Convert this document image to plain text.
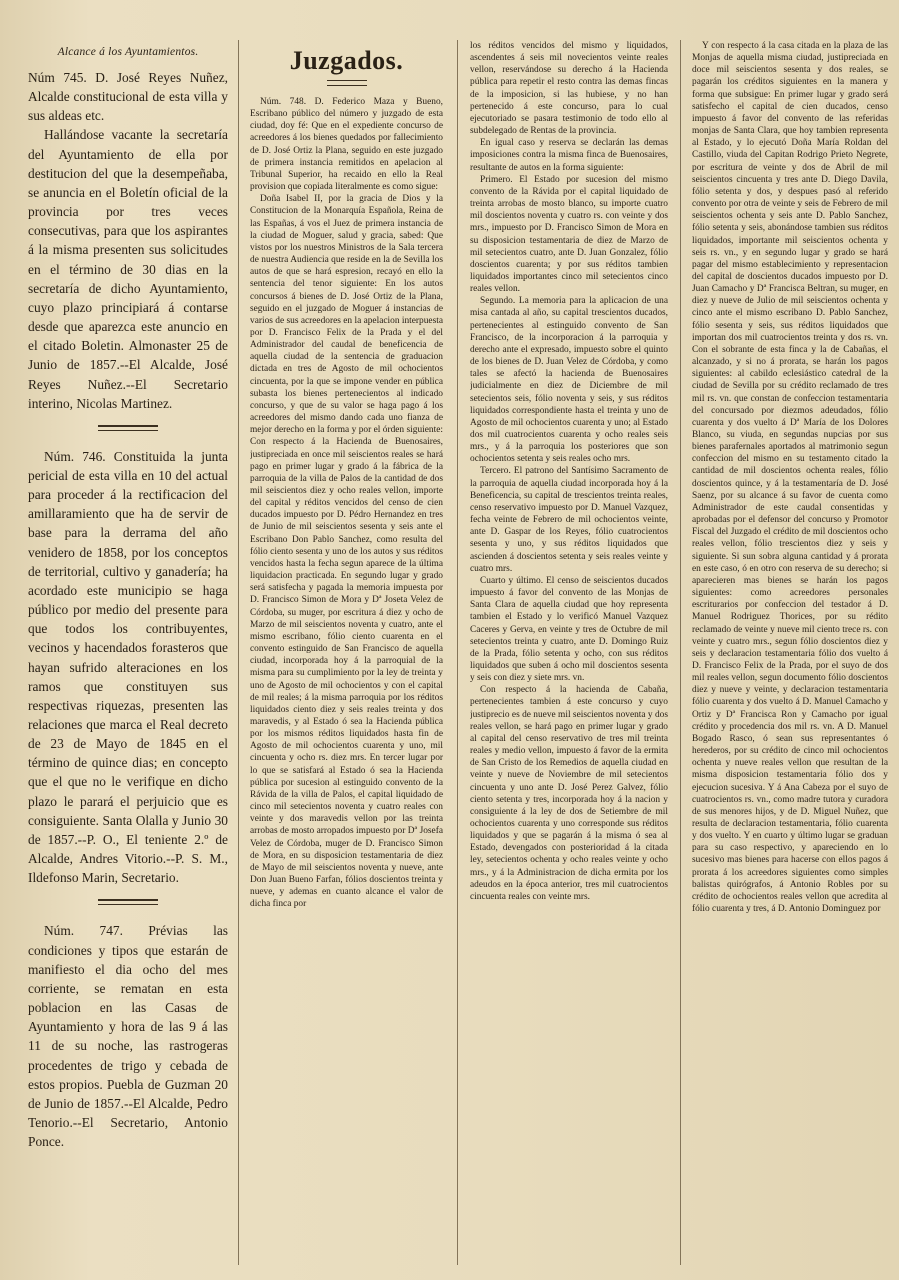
Alcance á los Ayuntamientos.

Núm 745. D. José Reyes Nuñez, Alcalde constitucional de esta villa y sus aldeas etc.

Hallándose vacante la secretaría del Ayuntamiento de ella por destitucion del que la desempeñaba, se anuncia en el Boletín oficial de la provincia por tres veces consecutivas, para que los aspirantes á la misma presenten sus solicitudes en el término de 30 dias en la secretaría de dicho Ayuntamiento, cuyo plazo principiará á contarse desde que aparezca este anuncio en el citado Boletin. Almonaster 25 de Junio de 1857.--El Alcalde, José Reyes Nuñez.--El Secretario interino, Nicolas Martinez.

Núm. 746. Constituida la junta pericial de esta villa en 10 del actual para proceder á la rectificacion del amillaramiento que ha de servir de base para la derrama del año venidero de 1858, por los conceptos de territorial, cultivo y ganadería; ha acordado este municipio se haga público por medio del presente para que todos los contribuyentes, vecinos y hacendados forasteros que hayan sufrido alteraciones en los ramos que constituyen sus respectivas riquezas, presenten las relaciones que marca el Real decreto de 23 de Mayo de 1845 en el término de quince dias; en concepto que el que no le verifique en dicho plazo le parará el perjuicio que es consiguiente. Santa Olalla y Junio 30 de 1857.--P. O., El teniente 2.º de Alcalde, Andres Vitorio.--P. S. M., Ildefonso Marin, Secretario.

Núm. 747. Prévias las condiciones y tipos que estarán de manifiesto el dia ocho del mes corriente, se rematan en esta poblacion en las Casas de Ayuntamiento y hora de las 9 á las 11 de su noche, las rastrogeras procedentes de trigo y cebada de estos propios. Puebla de Guzman 20 de Junio de 1857.--El Alcalde, Pedro Tenorio.--El Secretario, Antonio Ponce.

Juzgados.

Núm. 748. D. Federico Maza y Bueno, Escribano público del número y juzgado de esta ciudad, doy fé: Que en el expediente concurso de acreedores á los bienes quedados por fallecimiento de D. José Ortiz la Plana, seguido en este juzgado de primera instancia remitidos en apelacion al Tribunal Superior, ha recaido en ello la Real provision que copiada literalmente es como sigue:

Doña Isabel II, por la gracia de Dios y la Constitucion de la Monarquía Española, Reina de las Españas, á vos el Juez de primera instancia de la ciudad de Moguer, salud y gracia, sabed: Que vistos por los nuestros Ministros de la Sala tercera de nuestra Audiencia que reside en la de Sevilla los autos de que se hará espresion, recayó en ello la sentencia del tenor siguiente: En los autos concursos á bienes de D. José Ortiz de la Plana, seguido en el juzgado de Moguer á instancias de varios de sus acreedores en la apelacion interpuesta por D. Francisco Felix de la Prada y el del Administrador del caudal de beneficencia de aquella ciudad de la sentencia de graduacion dictada en tres de Agosto de mil ochocientos cincuenta, por la que se impone vender en pública subasta los bienes pertenecientos al indicado concurso, y que de su valor se haga pago á los acreedores del mismo dando cada uno fianza de mejor derecho en la forma y por el órden siguiente: Con respecto á la Hacienda de Buenosaires, justipreciada en once mil seiscientos reales se hará pago en primer lugar y grado á la fábrica de la parroquia de la villa de Palos de la cantidad de dos mil seiscientos diez y ocho reales vellon, importe del capital y réditos vencidos del censo de cien ducados impuesto por D. Pédro Hernandez en tres de Junio de mil seiscientos sesenta y seis ante el Escribano Don Pablo Sanchez, como resulta del fólio ciento sesenta y uno de los autos y sus réditos vencidos hasta la fecha segun aparece de la última liquidacion practicada. En segundo lugar y grado será satisfecha y pagada la memoria impuesta por D. Francisco Simon de Mora y Dª Joseta Velez de Córdoba, su muger, por escritura á diez y ocho de Marzo de mil seiscientos noventa y cuatro, ante el mismo escribano, fólio ciento cuarenta en el convento estinguido de San Francisco de aquella ciudad, incorporada hoy á la parroquial de la misma para su cumplimiento por la ley de treinta y uno de Agosto de mil ochocientos y con el capital de mil reales; á la misma parroquia por los réditos liquidados ciento diez y seis reales treinta y dos maravedis, y al Estado ó sea la Hacienda pública por los mismos réditos liquidados hasta fin de Agosto de mil ochocientos cuarenta y uno, mil cincuenta y ocho rs. diez mrs. En tercer lugar por lo que se satisfará al Estado ó sea la Hacienda pública por sucesion al estinguido convento de la Rávida de la villa de Palos, el capital liquidado de cinco mil setecientos noventa y cuatro reales con veinte y dos maravedis vellon por las treinta arrobas de mosto arropados impuesto por Dª Josefa Velez de Córdoba, muger de D. Francisco Simon de Mora, en su disposicion testamentaria de diez de Mayo de mil seiscientos noventa y nueve, ante Don Juan Bueno Farfan, fólios doscientos treinta y nueve, y ademas en cuanto alcance el valor de dicha finca por

los réditos vencidos del mismo y liquidados, ascendentes á seis mil novecientos veinte reales vellon, reservándose su derecho á la Hacienda pública para repetir el resto contra las demas fincas de la imposicion, si las hubiese, y no han pertenecido á este concurso, para lo cual ejecutoriado se pasara testimonio de todo ello al subdelegado de Rentas de la provincia.

En igual caso y reserva se declarán las demas imposiciones contra la misma finca de Buenosaires, resultante de autos en la forma siguiente:

Primero. El Estado por sucesion del mismo convento de la Rávida por el capital liquidado de treinta arrobas de mosto blanco, su importe cuatro mil doscientos noventa y cuatro rs. con veinte y dos mrs., impuesto por D. Francisco Simon de Mora en su disposicion testamentaria de diez de Marzo de mil setecientos cuatro, ante D. Juan Gonzalez, fólio doscientos cuarenta; y por sus réditos tambien liquidados importantes cinco mil setecientos cinco reales vellon.

Segundo. La memoria para la aplicacion de una misa cantada al año, su capital trescientos ducados, pertenecientes al estinguido convento de San Francisco, de la incorporacion á la parroquia y derecho ante el expresado, impuesto sobre el quinto de los bienes de D. Juan Velez de Córdoba, y como tales se afectó la hacienda de Buenosaires judicialmente en diez de Diciembre de mil setecientos seis, fólio noventa y seis, y sus réditos liquidados correspondiente hasta el treinta y uno de Agosto de mil ochocientos cuarenta y uno; al Estado dos mil cuatrocientos cuarenta y ocho reales seis mrs., y á la parroquia los posteriores que son ochocientos setenta y seis reales ocho mrs.

Tercero. El patrono del Santísimo Sacramento de la parroquia de aquella ciudad incorporada hoy á la Beneficencia, su capital de trescientos treinta reales, censo reservativo impuesto por D. Manuel Vazquez, fecha veinte de Febrero de mil ochocientos veinte, ante D. Gaspar de los Reyes, fólio cuatrocientos sesenta y uno, y sus réditos liquidados que ascienden á doscientos setenta y seis reales veinte y cuatro mrs.

Cuarto y último. El censo de seiscientos ducados impuesto á favor del convento de las Monjas de Santa Clara de aquella ciudad que hoy representa tambien el Estado y lo verificó Manuel Vazquez Caceres y Gerva, en veinte y tres de Octubre de mil setecientos treinta y cuatro, ante D. Domingo Ruiz de la Prada, fólio setenta y ocho, con sus réditos liquidados que suben á ocho mil doscientos sesenta y seis con diez y siete mrs. vn.

Con respecto á la hacienda de Cabaña, pertenecientes tambien á este concurso y cuyo justiprecio es de nueve mil seiscientos noventa y dos reales vellon, se hará pago en primer lugar y grado al capital del censo reservativo de tres mil treinta reales y medio vellon, impuesto á favor de la ermita de San Cristo de los Remedios de aquella ciudad en veinte y nueve de Noviembre de mil setecientos cincuenta y uno ante D. José Perez Galvez, fólio ciento setenta y tres, incorporada hoy á la nacion y consiguiente á la ley de dos de Setiembre de mil ochocientos cuarenta y uno corresponde sus réditos liquidados y que se pagarán á la misma ó sea al Estado, devengados con posterioridad á la citada ley, setecientos ochenta y ocho reales veinte y ocho mrs., y á la Administracion de dicha ermita por los adeudos en la época anterior, tres mil cuatrocientos cincuenta reales con veinte mrs.

Y con respecto á la casa citada en la plaza de las Monjas de aquella misma ciudad, justipreciada en doce mil seiscientos sesenta y dos reales, se pagarán los créditos siguientes en la manera y forma que subsigue: En primer lugar y grado será satisfecho el capital de cien ducados, censo impuesto á favor del convento de las referidas monjas de Santa Clara, que hoy tambien representa al Estado, y lo ejecutó Doña María Roldan del Castillo, viuda del Capitan Rodrigo Prieto Negrete, por escritura de veinte y dos de Abril de mil seiscientos cincuenta y tres ante D. Diego Davila, fólio setenta y dos, y despues pasó al referido convento por otra de veinte y seis de Febrero de mil seiscientos ochenta y seis ante D. Pablo Sanchez, fólio setenta y seis, abonándose tambien sus réditos liquidados, importante mil seiscientos ochenta y seis rs. vn., y en segundo lugar y grado se hará pagar del mismo establecimiento y representacion del capital de doscientos ducados impuesto por D. Juan Camacho y Dª Francisca Beltran, su muger, en diez y nueve de Julio de mil seiscientos ochenta y cinco ante el mismo escribano D. Pablo Sanchez, fólio sesenta y seis, sus réditos liquidados que importan dos mil cuatrocientos treinta y dos rs. vn. Con el sobrante de esta finca y la de Cabañas, el alcanzado, y si no á prorata, se harán los pagos siguientes: al cabildo eclesiástico catedral de la ciudad de Sevilla por su crédito reclamado de tres mil rs. vn. que constan de confeccion testamentaria del concursado por diezmos adeudados, fólio cuarenta y dos vuelto á Dª María de los Dolores Blanco, su viuda, en segundas nupcias por sus bienes parafernales aportados al matrimonio segun confeccion del mismo en su testamento citado la cantidad de mil doscientos ochenta reales, fólio doscientos quince, y á la testamentaría de D. José Saenz, por su alcance á su favor de cuenta como Administrador de este caudal consentidas y aprobadas por el defensor del concurso y Promotor Fiscal del Juzgado el crédito de mil doscientos ocho reales vellon, fólio trescientos diez y seis y siguiente. Si sun sobra alguna cantidad y á prorata en este caso, ó en otro con reserva de su derecho; si aparecieren mas bienes se harán los pagos siguientes: como acreedores personales escriturarios por confeccion del testador á D. Manuel Rodriguez Thorices, por su rédito reclamado de veinte y nueve mil ciento trece rs. con veinte y cuatro mrs., segun fólio doscientos diez y seis y declaracion testamentaria fólio dos vuelto á D. Francisco Felix de la Prada, por el suyo de dos mil reales vellon, segun documento fólio doscientos diez y nueve y veinte, y declaracion testamentaria fólio cuarenta y dos vuelto á D. Manuel Camacho y Ortiz y Dª Francisca Ron y Camacho por igual crédito y procedencia dos mil rs. vn. A D. Manuel Bogado Rasco, ó sean sus representantes ó herederos, por su crédito de cinco mil ochocientos ochenta y nueve reales vellon que resultan de la misma disposicion testamentaria fólio dos y ejecucion sucesiva. Y á Ana Cabeza por el suyo de cuatrocientos rs. vn., como madre tutora y curadora de sus menores hijos, y de D. Miguel Nuñez, que resulta de declaracion testamentaria, fólio cuarenta y dos vuelto. Y en cuarto y último lugar se graduan para su caso respectivo, y apareciendo en lo sucesivo mas bienes para hacerse con ellos pagos á prorata á los acreedores siguientes como simples balistas quirógrafos, á Antonio Robles por su crédito de ochocientos reales vellon que acredita al fólio cuarenta y tres, á D. Antonio Dominguez por
